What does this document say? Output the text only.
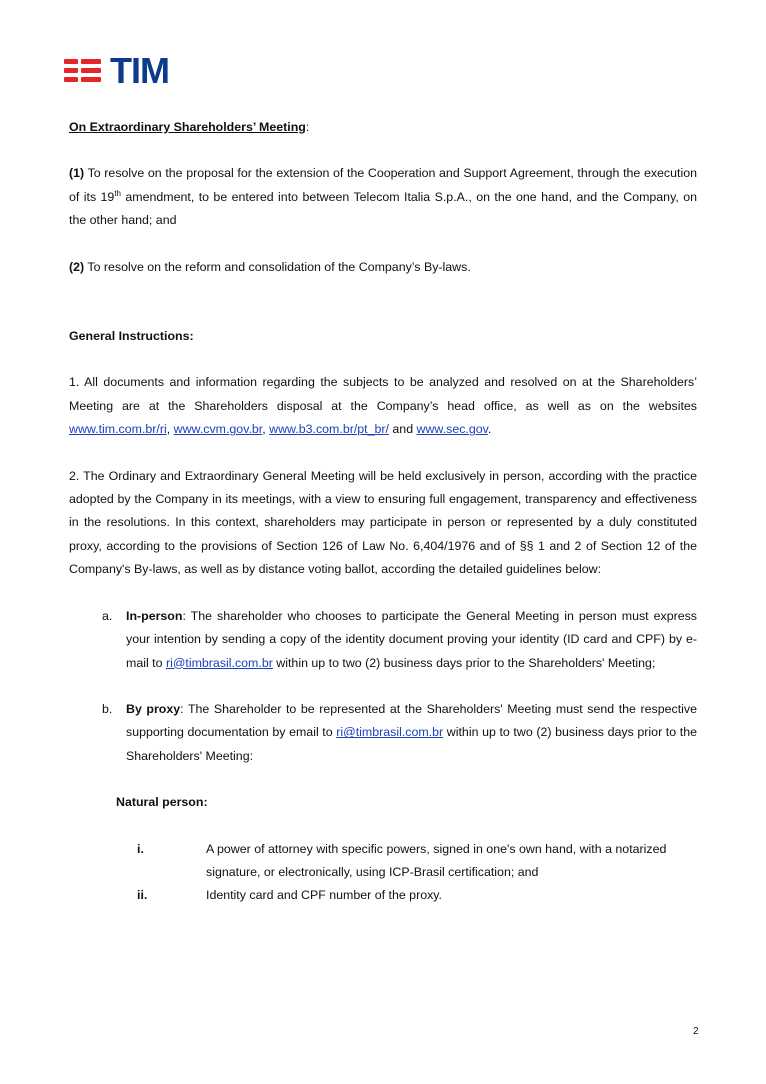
TIM

On Extraordinary Shareholders’ Meeting:

(1) To resolve on the proposal for the extension of the Cooperation and Support Agreement, through the execution of its 19th amendment, to be entered into between Telecom Italia S.p.A., on the one hand, and the Company, on the other hand; and

(2) To resolve on the reform and consolidation of the Company’s By-laws.

General Instructions:

1. All documents and information regarding the subjects to be analyzed and resolved on at the Shareholders’ Meeting are at the Shareholders disposal at the Company’s head office, as well as on the websites www.tim.com.br/ri, www.cvm.gov.br, www.b3.com.br/pt_br/ and www.sec.gov.

2. The Ordinary and Extraordinary General Meeting will be held exclusively in person, according with the practice adopted by the Company in its meetings, with a view to ensuring full engagement, transparency and effectiveness in the resolutions. In this context, shareholders may participate in person or represented by a duly constituted proxy, according to the provisions of Section 126 of Law No. 6,404/1976 and of §§ 1 and 2 of Section 12 of the Company's By-laws, as well as by distance voting ballot, according the detailed guidelines below:

a. In-person: The shareholder who chooses to participate the General Meeting in person must express your intention by sending a copy of the identity document proving your identity (ID card and CPF) by e-mail to ri@timbrasil.com.br within up to two (2) business days prior to the Shareholders' Meeting;
b. By proxy: The Shareholder to be represented at the Shareholders' Meeting must send the respective supporting documentation by email to ri@timbrasil.com.br within up to two (2) business days prior to the Shareholders' Meeting:

Natural person:

i.	A power of attorney with specific powers, signed in one's own hand, with a notarized signature, or electronically, using ICP-Brasil certification; and
ii.	Identity card and CPF number of the proxy.
2
